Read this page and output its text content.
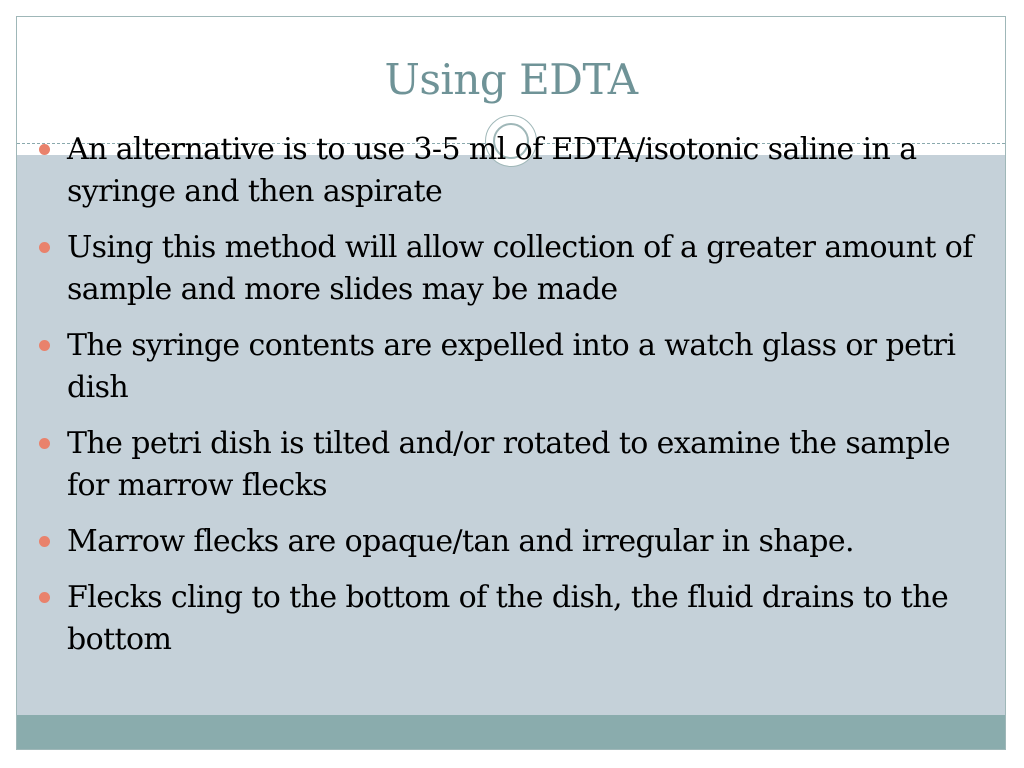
Using EDTA
An alternative is to use 3-5 ml of EDTA/isotonic saline in a syringe and then aspirate
Using this method will allow collection of a greater amount of sample and more slides may be made
The syringe contents are expelled into a watch glass or petri dish
The petri dish is tilted and/or rotated to examine the sample for marrow flecks
Marrow flecks are opaque/tan and irregular in shape.
Flecks cling to the bottom of the dish, the fluid drains to the bottom
